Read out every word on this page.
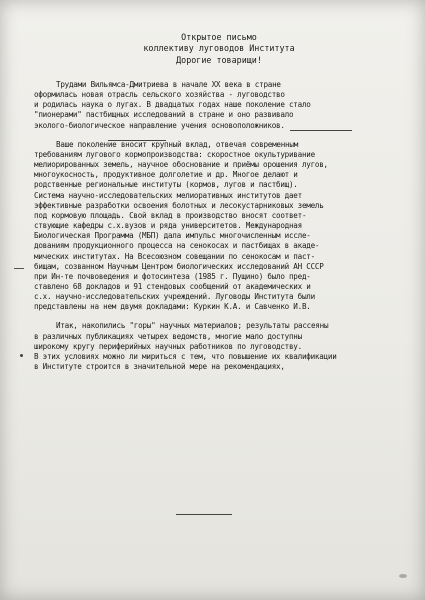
Открытое письмо
коллективу луговодов Института
Дорогие товарищи!
Трудами Вильямса-Дмитриева в начале XX века в стране
оформилась новая отрасль сельского хозяйства - луговодство
и родилась наука о лугах. В двадцатых годах наше поколение стало
"пионерами" пастбищных исследований в стране и оно развивало
эколого-биологическое направление учения основоположников.
Ваше поколение вносит крупный вклад, отвечая современным
требованиям лугового кормопроизводства: скоростное окультуривание
мелиорированных земель, научное обоснование и приёмы орошения лугов,
многоукосность, продуктивное долголетие и др. Многое делают и
родственные региональные институты (кормов, лугов и пастбищ).
Система научно-исследовательских мелиоративных институтов дает
эффективные разработки освоения болотных и лесокустарниковых земель
под кормовую площадь. Свой вклад в производство вносят соответ-
ствующие кафедры с.х.вузов и ряда университетов. Международная
Биологическая Программа (МБП) дала импульс многочисленным иссле-
дованиям продукционного процесса на сенокосах и пастбищах в акаде-
мических институтах. На Всесоюзном совещании по сенокосам и паст-
бищам, созванном Научным Центром биологических исследований АН СССР
при Ин-те почвоведения и фотосинтеза (1985 г. Пущино) было пред-
ставлено 68 докладов и 91 стендовых сообщений от академических и
с.х. научно-исследовательских учреждений. Луговоды Института были
представлены на нем двумя докладами: Куркин К.А. и Савченко И.В.
Итак, накопились "горы" научных материалов; результаты рассеяны
в различных публикациях четырех ведомств, многие мало доступны
широкому кругу периферийных научных работников по луговодству.
В этих условиях можно ли мириться с тем, что повышение их квалификации
в Институте строится в значительной мере на рекомендациях,
